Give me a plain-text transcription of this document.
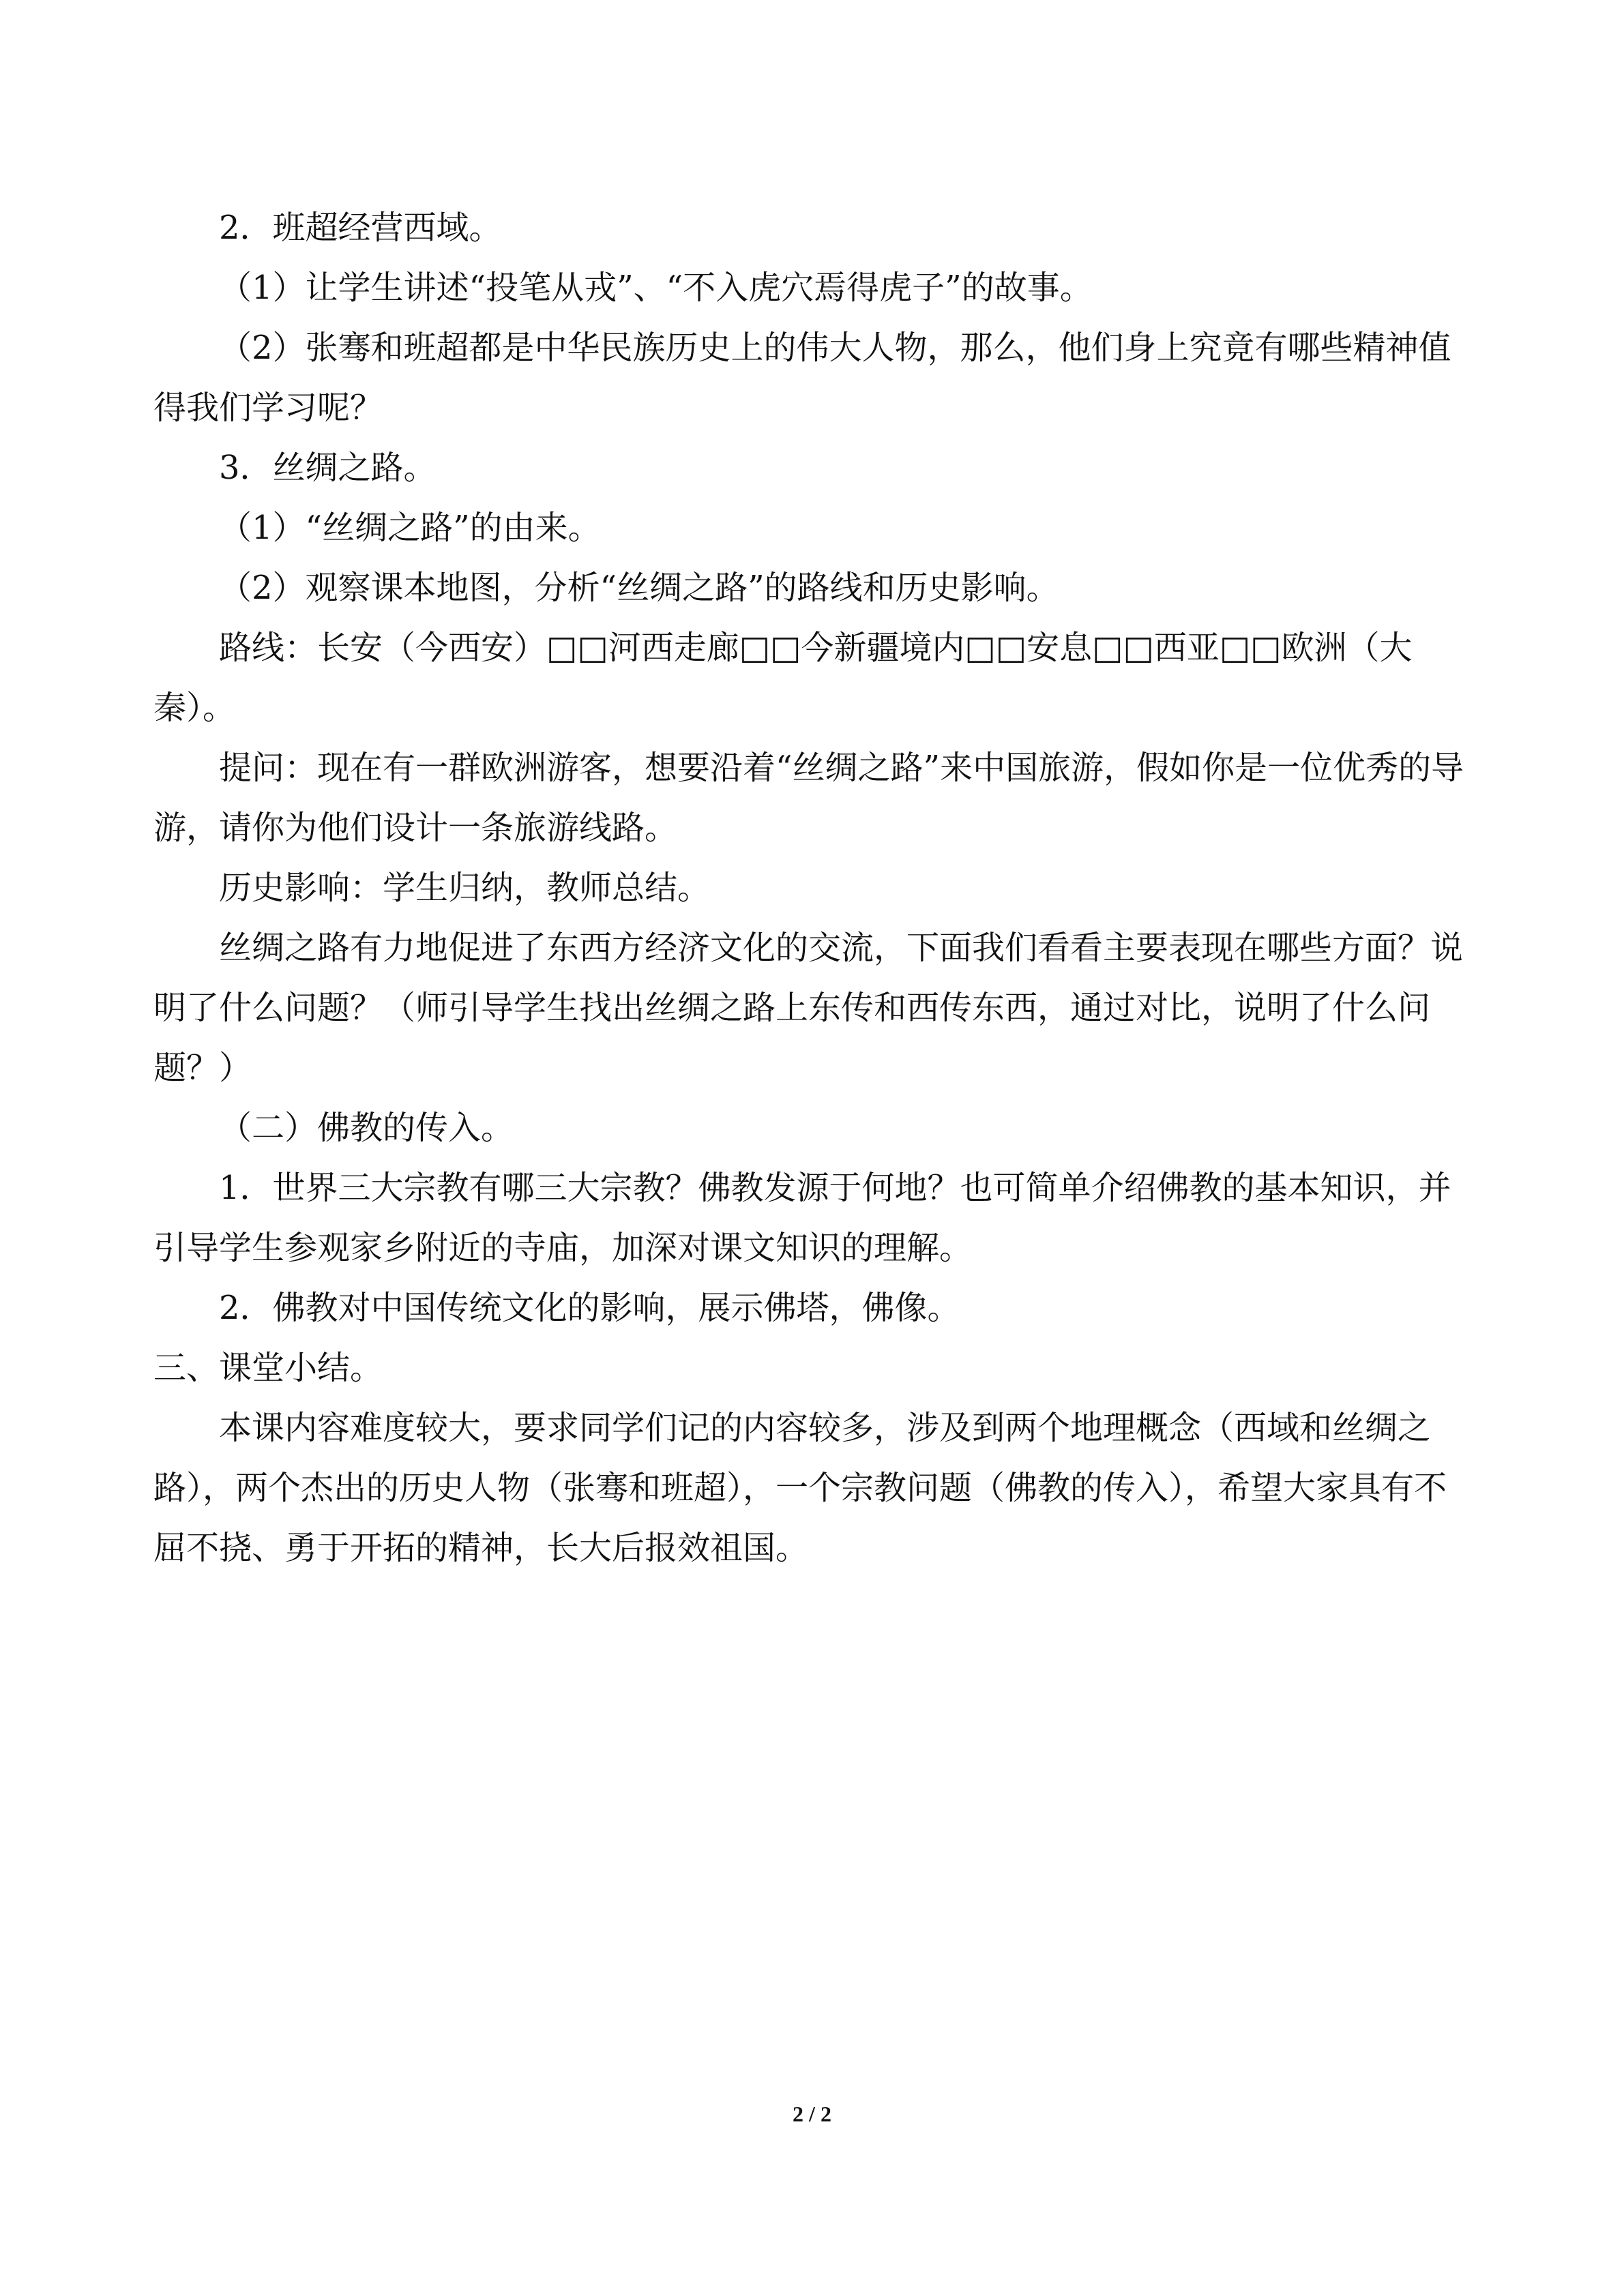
2．班超经营西域。

（1）让学生讲述“投笔从戎”、“不入虎穴焉得虎子”的故事。

（2）张骞和班超都是中华民族历史上的伟大人物，那么，他们身上究竟有哪些精神值得我们学习呢？

3．丝绸之路。

（1）“丝绸之路”的由来。

（2）观察课本地图，分析“丝绸之路”的路线和历史影响。

路线：长安（今西安）□□河西走廊□□今新疆境内□□安息□□西亚□□欧洲（大秦）。

提问：现在有一群欧洲游客，想要沿着“丝绸之路”来中国旅游，假如你是一位优秀的导游，请你为他们设计一条旅游线路。

历史影响：学生归纳，教师总结。

丝绸之路有力地促进了东西方经济文化的交流，下面我们看看主要表现在哪些方面？说明了什么问题？（师引导学生找出丝绸之路上东传和西传东西，通过对比，说明了什么问题？）

（二）佛教的传入。

1．世界三大宗教有哪三大宗教？佛教发源于何地？也可简单介绍佛教的基本知识，并引导学生参观家乡附近的寺庙，加深对课文知识的理解。

2．佛教对中国传统文化的影响，展示佛塔，佛像。

三、课堂小结。

本课内容难度较大，要求同学们记的内容较多，涉及到两个地理概念（西域和丝绸之路），两个杰出的历史人物（张骞和班超），一个宗教问题（佛教的传入），希望大家具有不屈不挠、勇于开拓的精神，长大后报效祖国。

2 / 2
